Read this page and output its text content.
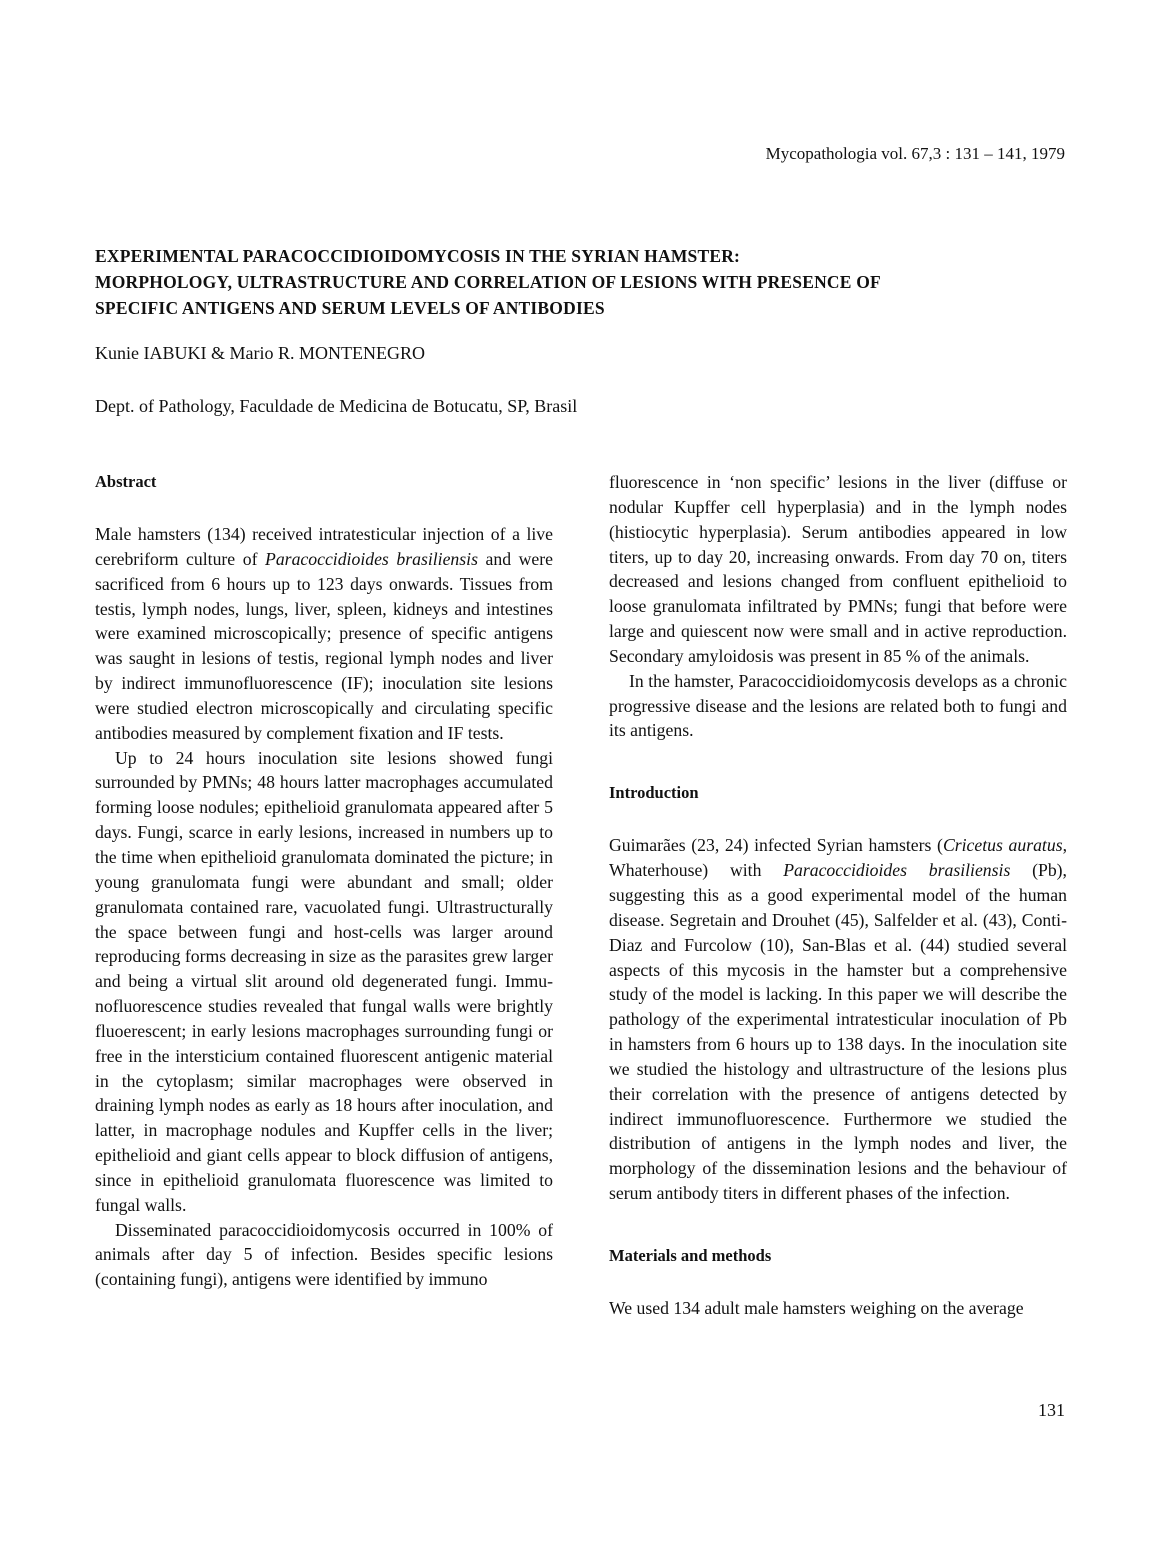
Mycopathologia vol. 67,3 : 131 – 141, 1979
EXPERIMENTAL PARACOCCIDIOIDOMYCOSIS IN THE SYRIAN HAMSTER:
MORPHOLOGY, ULTRASTRUCTURE AND CORRELATION OF LESIONS WITH PRESENCE OF
SPECIFIC ANTIGENS AND SERUM LEVELS OF ANTIBODIES
Kunie IABUKI & Mario R. MONTENEGRO
Dept. of Pathology, Faculdade de Medicina de Botucatu, SP, Brasil
Abstract

Male hamsters (134) received intratesticular injection of a live cerebriform culture of Paracoccidioides brasiliensis and were sacrificed from 6 hours up to 123 days onwards. Tissues from testis, lymph nodes, lungs, liver, spleen, kidneys and intestines were examined microscopically; presence of specific antigens was saught in lesions of testis, regional lymph nodes and liver by indirect immunofluorescence (IF); inoculation site lesions were studied electron microscopically and circulating specific antibodies measured by complement fixation and IF tests.

Up to 24 hours inoculation site lesions showed fungi surrounded by PMNs; 48 hours latter macrophages accumulated forming loose nodules; epithelioid granulomata appeared after 5 days. Fungi, scarce in early lesions, increased in numbers up to the time when epithelioid granulomata dominated the picture; in young granulomata fungi were abundant and small; older granulomata contained rare, vacuolated fungi. Ultrastructurally the space between fungi and host-cells was larger around reproducing forms decreasing in size as the parasites grew larger and being a virtual slit around old degenerated fungi. Immunofluorescence studies revealed that fungal walls were brightly fluoerescent; in early lesions macrophages surrounding fungi or free in the intersticium contained fluorescent antigenic material in the cytoplasm; similar macrophages were observed in draining lymph nodes as early as 18 hours after inoculation, and latter, in macrophage nodules and Kupffer cells in the liver; epithelioid and giant cells appear to block diffusion of antigens, since in epithelioid granulomata fluorescence was limited to fungal walls.

Disseminated paracoccidioidomycosis occurred in 100% of animals after day 5 of infection. Besides specific lesions (containing fungi), antigens were identified by immuno

fluorescence in ‘non specific’ lesions in the liver (diffuse or nodular Kupffer cell hyperplasia) and in the lymph nodes (histiocytic hyperplasia). Serum antibodies appeared in low titers, up to day 20, increasing onwards. From day 70 on, titers decreased and lesions changed from confluent epithelioid to loose granulomata infiltrated by PMNs; fungi that before were large and quiescent now were small and in active reproduction. Secondary amyloidosis was present in 85 % of the animals.

In the hamster, Paracoccidioidomycosis develops as a chronic progressive disease and the lesions are related both to fungi and its antigens.

Introduction

Guimarães (23, 24) infected Syrian hamsters (Cricetus auratus, Whaterhouse) with Paracoccidioides brasiliensis (Pb), suggesting this as a good experimental model of the human disease. Segretain and Drouhet (45), Salfelder et al. (43), Conti-Diaz and Furcolow (10), San-Blas et al. (44) studied several aspects of this mycosis in the hamster but a comprehensive study of the model is lacking. In this paper we will describe the pathology of the experimental intratesticular inoculation of Pb in hamsters from 6 hours up to 138 days. In the inoculation site we studied the histology and ultrastructure of the lesions plus their correlation with the presence of antigens detected by indirect immunofluorescence. Furthermore we studied the distribution of antigens in the lymph nodes and liver, the morphology of the dissemination lesions and the behaviour of serum antibody titers in different phases of the infection.

Materials and methods

We used 134 adult male hamsters weighing on the average

131
